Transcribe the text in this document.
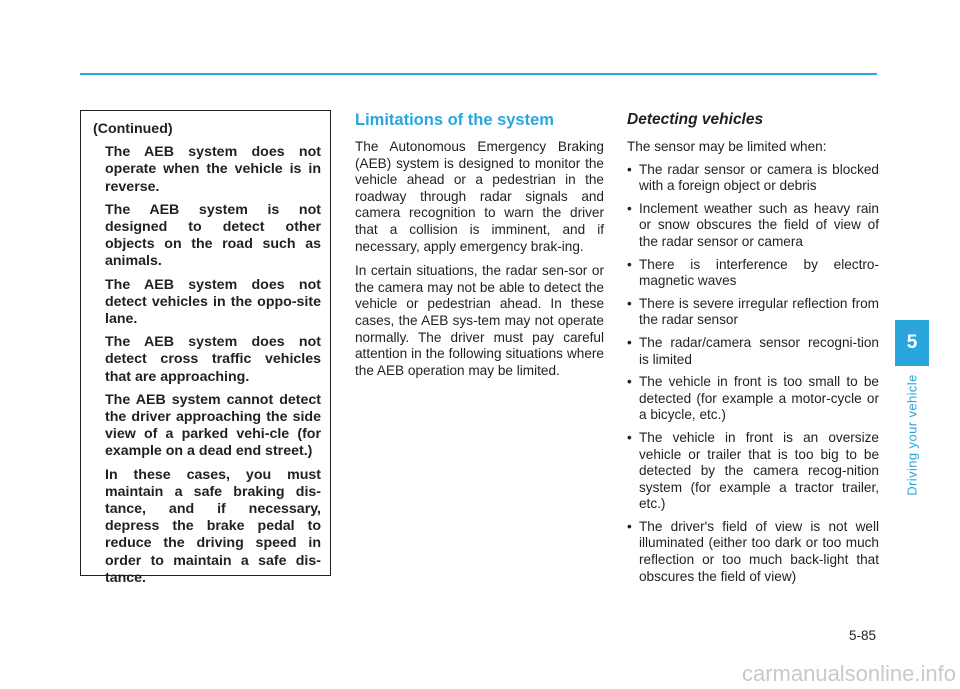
(Continued)
The AEB system does not operate when the vehicle is in reverse.
The AEB system is not designed to detect other objects on the road such as animals.
The AEB system does not detect vehicles in the oppo-site lane.
The AEB system does not detect cross traffic vehicles that are approaching.
The AEB system cannot detect the driver approaching the side view of a parked vehi-cle (for example on a dead end street.)
In these cases, you must maintain a safe braking dis-tance, and if necessary, depress the brake pedal to reduce the driving speed in order to maintain a safe dis-tance.
Limitations of the system

The Autonomous Emergency Braking (AEB) system is designed to monitor the vehicle ahead or a pedestrian in the roadway through radar signals and camera recognition to warn the driver that a collision is imminent, and if necessary, apply emergency brak-ing.

In certain situations, the radar sen-sor or the camera may not be able to detect the vehicle or pedestrian ahead. In these cases, the AEB sys-tem may not operate normally. The driver must pay careful attention in the following situations where the AEB operation may be limited.

Detecting vehicles
The sensor may be limited when:
• The radar sensor or camera is blocked with a foreign object or debris
• Inclement weather such as heavy rain or snow obscures the field of view of the radar sensor or camera
• There is interference by electro-magnetic waves
• There is severe irregular reflection from the radar sensor
• The radar/camera sensor recogni-tion is limited
• The vehicle in front is too small to be detected (for example a motor-cycle or a bicycle, etc.)
• The vehicle in front is an oversize vehicle or trailer that is too big to be detected by the camera recog-nition system (for example a tractor trailer, etc.)
• The driver's field of view is not well illuminated (either too dark or too much reflection or too much back-light that obscures the field of view)
5
Driving your vehicle
5-85
carmanualsonline.info
